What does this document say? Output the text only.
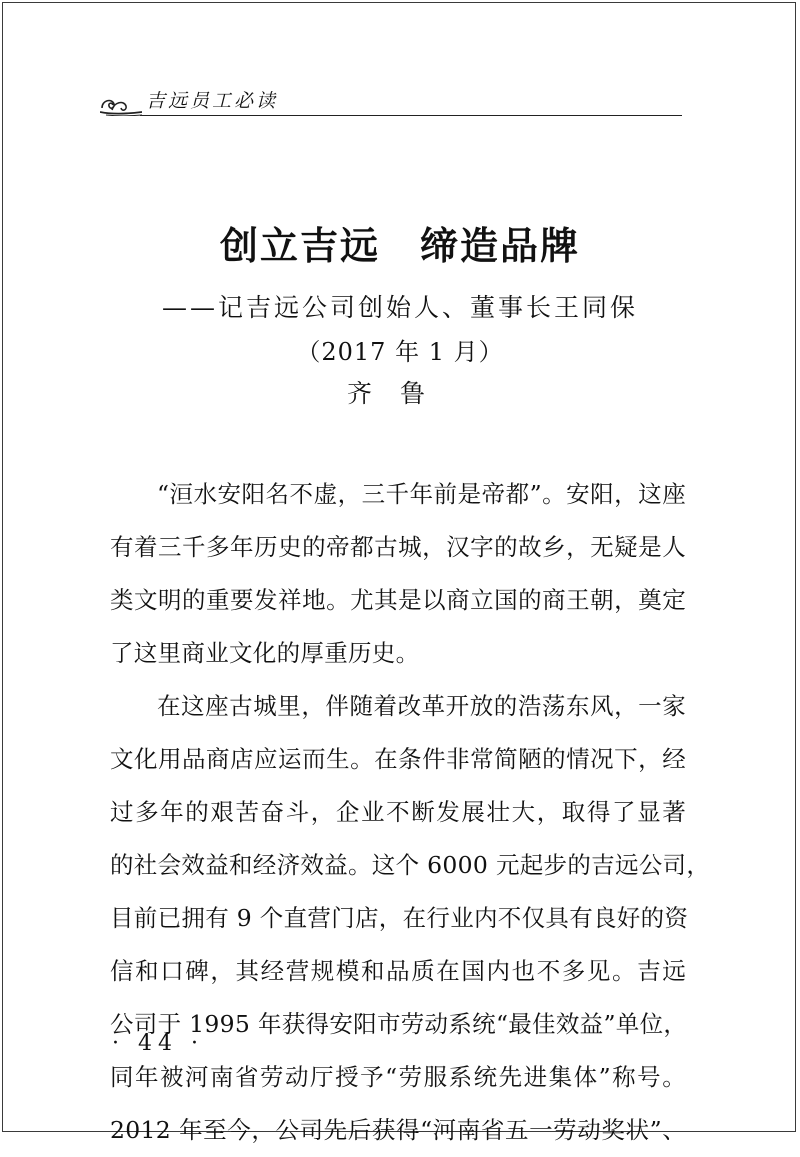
吉远员工必读
创立吉远　缔造品牌
——记吉远公司创始人、董事长王同保
（2017 年 1 月）
齐鲁
“洹水安阳名不虚，三千年前是帝都”。安阳，这座
有着三千多年历史的帝都古城，汉字的故乡，无疑是人
类文明的重要发祥地。尤其是以商立国的商王朝，奠定
了这里商业文化的厚重历史。
在这座古城里，伴随着改革开放的浩荡东风，一家
文化用品商店应运而生。在条件非常简陋的情况下，经
过多年的艰苦奋斗，企业不断发展壮大，取得了显著
的社会效益和经济效益。这个 6000 元起步的吉远公司，
目前已拥有 9 个直营门店，在行业内不仅具有良好的资
信和口碑，其经营规模和品质在国内也不多见。吉远
公司于 1995 年获得安阳市劳动系统“最佳效益”单位，
同年被河南省劳动厅授予“劳服系统先进集体”称号。
2012 年至今，公司先后获得“河南省五一劳动奖状”、
· 44 ·
